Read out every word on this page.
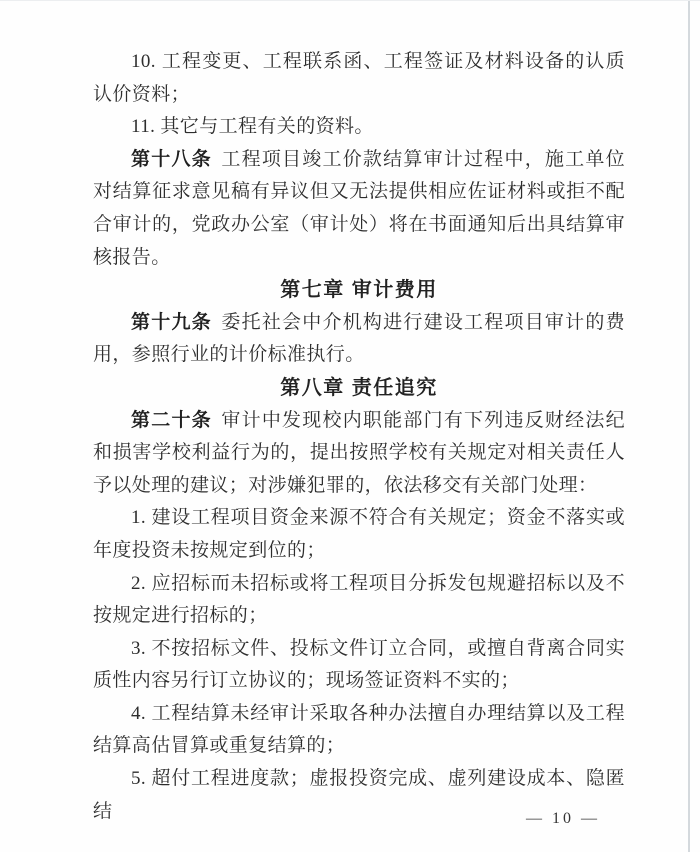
10. 工程变更、工程联系函、工程签证及材料设备的认质认价资料；

11. 其它与工程有关的资料。

第十八条 工程项目竣工价款结算审计过程中，施工单位对结算征求意见稿有异议但又无法提供相应佐证材料或拒不配合审计的，党政办公室（审计处）将在书面通知后出具结算审核报告。

第七章 审计费用

第十九条 委托社会中介机构进行建设工程项目审计的费用，参照行业的计价标准执行。

第八章 责任追究

第二十条 审计中发现校内职能部门有下列违反财经法纪和损害学校利益行为的，提出按照学校有关规定对相关责任人予以处理的建议；对涉嫌犯罪的，依法移交有关部门处理：

1. 建设工程项目资金来源不符合有关规定；资金不落实或年度投资未按规定到位的；

2. 应招标而未招标或将工程项目分拆发包规避招标以及不按规定进行招标的；

3. 不按招标文件、投标文件订立合同，或擅自背离合同实质性内容另行订立协议的；现场签证资料不实的；

4. 工程结算未经审计采取各种办法擅自办理结算以及工程结算高估冒算或重复结算的；

5. 超付工程进度款；虚报投资完成、虚列建设成本、隐匿结	— 10 —
